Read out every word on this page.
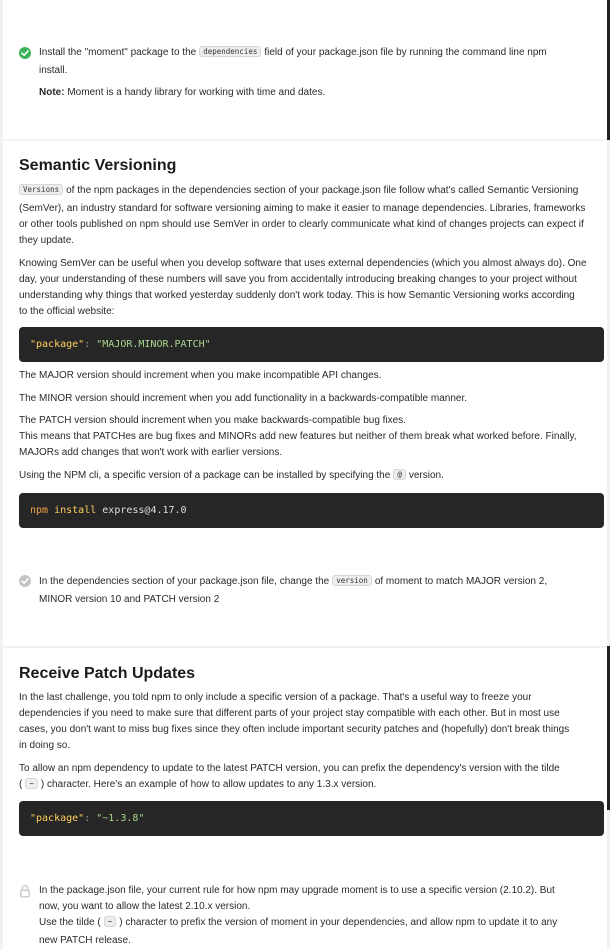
Install the "moment" package to the dependencies field of your package.json file by running the command line npm
install.
Note: Moment is a handy library for working with time and dates.
Semantic Versioning
Versions of the npm packages in the dependencies section of your package.json file follow what's called Semantic Versioning
(SemVer), an industry standard for software versioning aiming to make it easier to manage dependencies. Libraries, frameworks
or other tools published on npm should use SemVer in order to clearly communicate what kind of changes projects can expect if
they update.
Knowing SemVer can be useful when you develop software that uses external dependencies (which you almost always do). One
day, your understanding of these numbers will save you from accidentally introducing breaking changes to your project without
understanding why things that worked yesterday suddenly don't work today. This is how Semantic Versioning works according
to the official website:

"package": "MAJOR.MINOR.PATCH"

The MAJOR version should increment when you make incompatible API changes.
The MINOR version should increment when you add functionality in a backwards-compatible manner.
The PATCH version should increment when you make backwards-compatible bug fixes.
This means that PATCHes are bug fixes and MINORs add new features but neither of them break what worked before. Finally,
MAJORs add changes that won't work with earlier versions.
Using the NPM cli, a specific version of a package can be installed by specifying the @ version.

npm install express@4.17.0

In the dependencies section of your package.json file, change the version of moment to match MAJOR version 2,
MINOR version 10 and PATCH version 2
Receive Patch Updates
In the last challenge, you told npm to only include a specific version of a package. That's a useful way to freeze your
dependencies if you need to make sure that different parts of your project stay compatible with each other. But in most use
cases, you don't want to miss bug fixes since they often include important security patches and (hopefully) don't break things
in doing so.
To allow an npm dependency to update to the latest PATCH version, you can prefix the dependency's version with the tilde
( ~ ) character. Here's an example of how to allow updates to any 1.3.x version.

"package": "~1.3.8"

In the package.json file, your current rule for how npm may upgrade moment is to use a specific version (2.10.2). But
now, you want to allow the latest 2.10.x version.
Use the tilde ( ~ ) character to prefix the version of moment in your dependencies, and allow npm to update it to any
new PATCH release.
